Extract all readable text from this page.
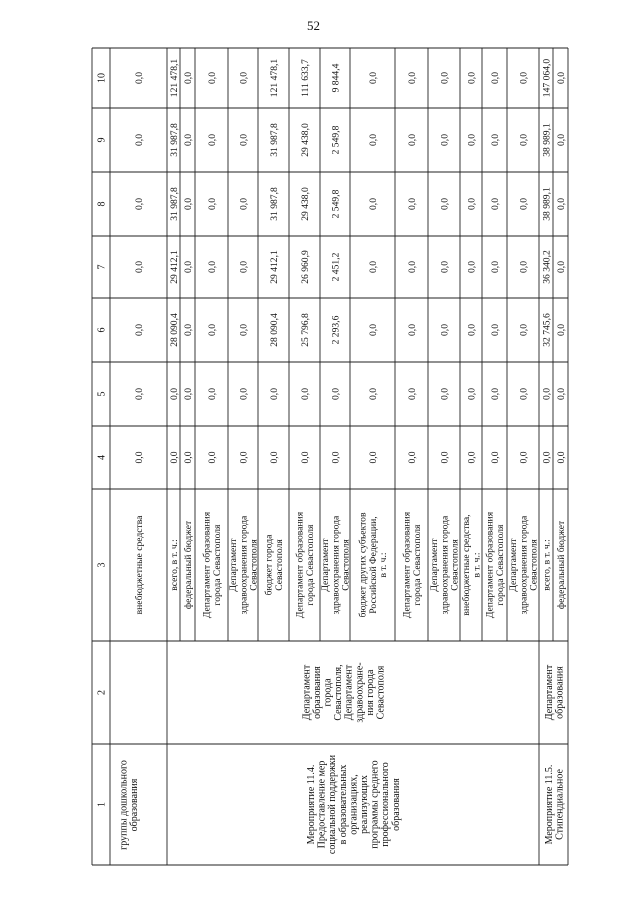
52
1
2
3
4
5
6
7
8
9
10
группы дошкольногообразования
внебюджетные средства
0,0
0,0
0,0
0,0
0,0
0,0
0,0
Мероприятие 11.4.Предоставление мерсоциальной поддержкив образовательныхорганизациях,реализующихпрограммы среднегопрофессиональногообразования
ДепартаментобразованиягородаСевастополя,Департаментздравоохране-ния городаСевастополя
всего, в т. ч.:
0,0
0,0
28 090,4
29 412,1
31 987,8
31 987,8
121 478,1
федеральный бюджет
0,0
0,0
0,0
0,0
0,0
0,0
0,0
Департамент образованиягорода Севастополя
0,0
0,0
0,0
0,0
0,0
0,0
0,0
Департаментздравоохранения городаСевастополя
0,0
0,0
0,0
0,0
0,0
0,0
0,0
бюджет городаСевастополя
0,0
0,0
28 090,4
29 412,1
31 987,8
31 987,8
121 478,1
Департамент образованиягорода Севастополя
0,0
0,0
25 796,8
26 960,9
29 438,0
29 438,0
111 633,7
Департаментздравоохранения городаСевастополя
0,0
0,0
2 293,6
2 451,2
2 549,8
2 549,8
9 844,4
бюджет других субъектовРоссийской Федерации,в т. ч.:
0,0
0,0
0,0
0,0
0,0
0,0
0,0
Департамент образованиягорода Севастополя
0,0
0,0
0,0
0,0
0,0
0,0
0,0
Департаментздравоохранения городаСевастополя
0,0
0,0
0,0
0,0
0,0
0,0
0,0
внебюджетные средства,в т. ч.:
0,0
0,0
0,0
0,0
0,0
0,0
0,0
Департамент образованиягорода Севастополя
0,0
0,0
0,0
0,0
0,0
0,0
0,0
Департаментздравоохранения городаСевастополя
0,0
0,0
0,0
0,0
0,0
0,0
0,0
Мероприятие 11.5.Стипендиальное
Департаментобразования
всего, в т. ч.:
0,0
0,0
32 745,6
36 340,2
38 989,1
38 989,1
147 064,0
федеральный бюджет
0,0
0,0
0,0
0,0
0,0
0,0
0,0
